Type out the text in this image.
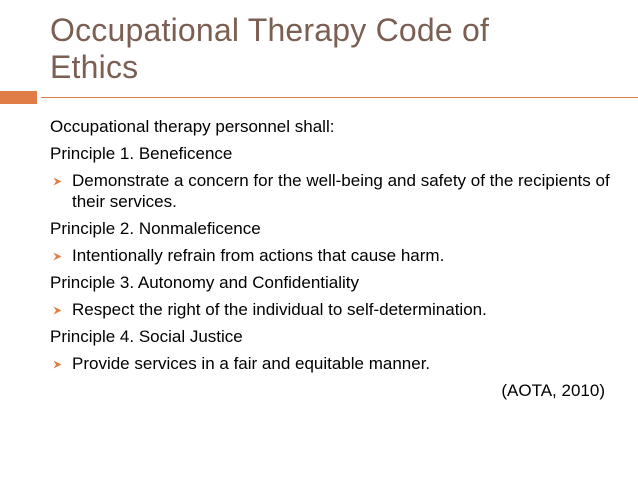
Occupational Therapy Code of Ethics

Occupational therapy personnel shall:

Principle 1. Beneficence

Demonstrate a concern for the well-being and safety of the recipients of their services.

Principle 2. Nonmaleficence

Intentionally refrain from actions that cause harm.

Principle 3. Autonomy and Confidentiality

Respect the right of the individual to self-determination.

Principle 4. Social Justice

Provide services in a fair and equitable manner.

(AOTA, 2010)
